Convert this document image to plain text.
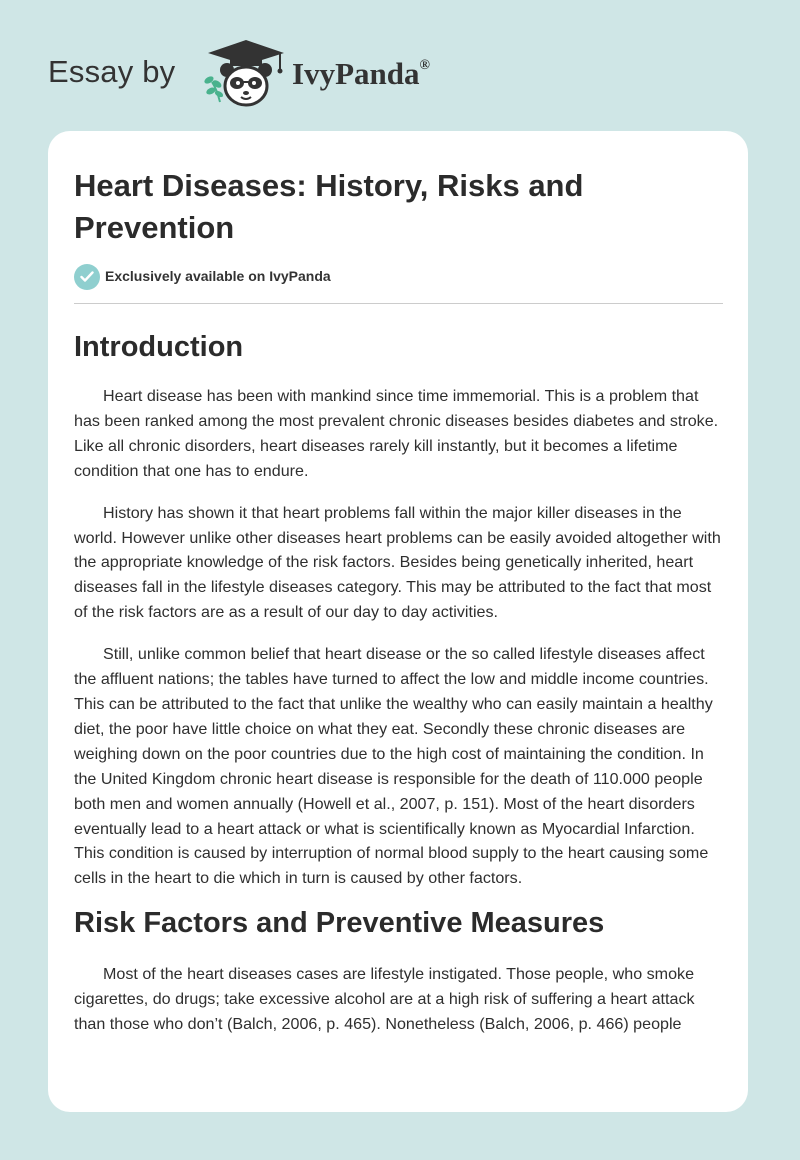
Essay by	IvyPanda®
Heart Diseases: History, Risks and Prevention
Exclusively available on IvyPanda
Introduction

Heart disease has been with mankind since time immemorial. This is a problem that has been ranked among the most prevalent chronic diseases besides diabetes and stroke. Like all chronic disorders, heart diseases rarely kill instantly, but it becomes a lifetime condition that one has to endure.

History has shown it that heart problems fall within the major killer diseases in the world. However unlike other diseases heart problems can be easily avoided altogether with the appropriate knowledge of the risk factors. Besides being genetically inherited, heart diseases fall in the lifestyle diseases category. This may be attributed to the fact that most of the risk factors are as a result of our day to day activities.

Still, unlike common belief that heart disease or the so called lifestyle diseases affect the affluent nations; the tables have turned to affect the low and middle income countries. This can be attributed to the fact that unlike the wealthy who can easily maintain a healthy diet, the poor have little choice on what they eat. Secondly these chronic diseases are weighing down on the poor countries due to the high cost of maintaining the condition. In the United Kingdom chronic heart disease is responsible for the death of 110.000 people both men and women annually (Howell et al., 2007, p. 151). Most of the heart disorders eventually lead to a heart attack or what is scientifically known as Myocardial Infarction. This condition is caused by interruption of normal blood supply to the heart causing some cells in the heart to die which in turn is caused by other factors.

Risk Factors and Preventive Measures

Most of the heart diseases cases are lifestyle instigated. Those people, who smoke cigarettes, do drugs; take excessive alcohol are at a high risk of suffering a heart attack than those who don’t (Balch, 2006, p. 465). Nonetheless (Balch, 2006, p. 466) people
